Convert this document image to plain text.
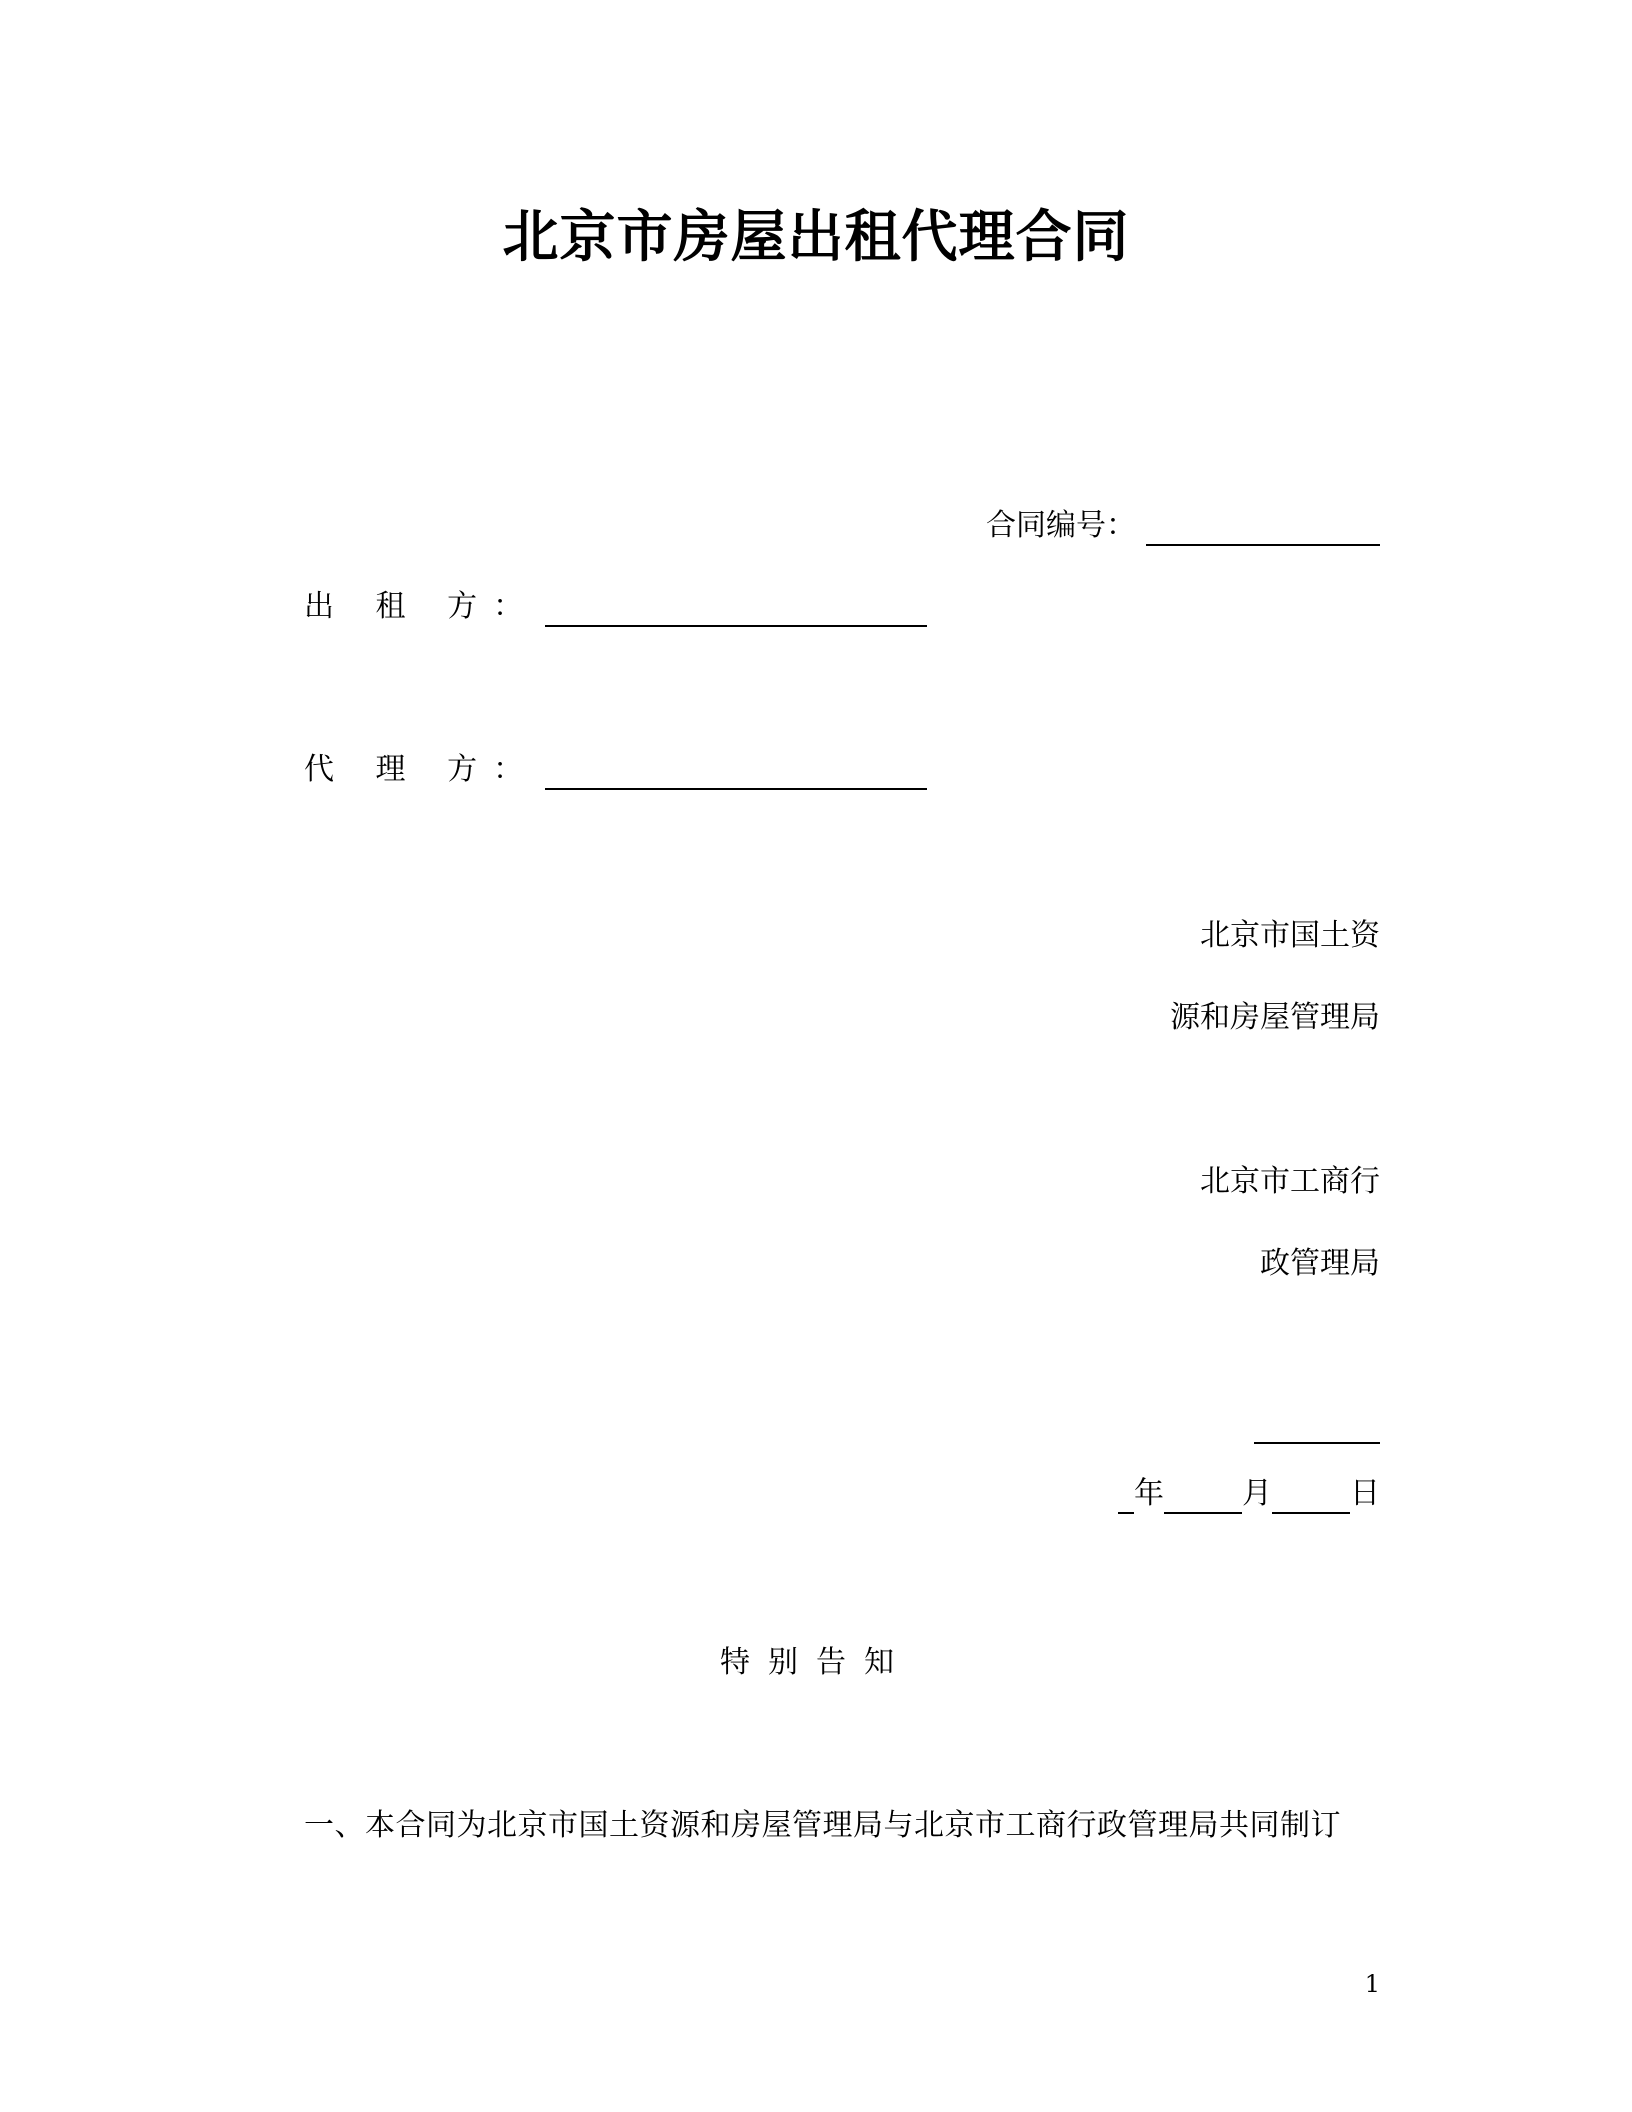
北京市房屋出租代理合同
合同编号：
出 租 方：
代 理 方：
北京市国土资
源和房屋管理局
北京市工商行
政管理局
年	月	日
特别告知
一、本合同为北京市国土资源和房屋管理局与北京市工商行政管理局共同制订
1
